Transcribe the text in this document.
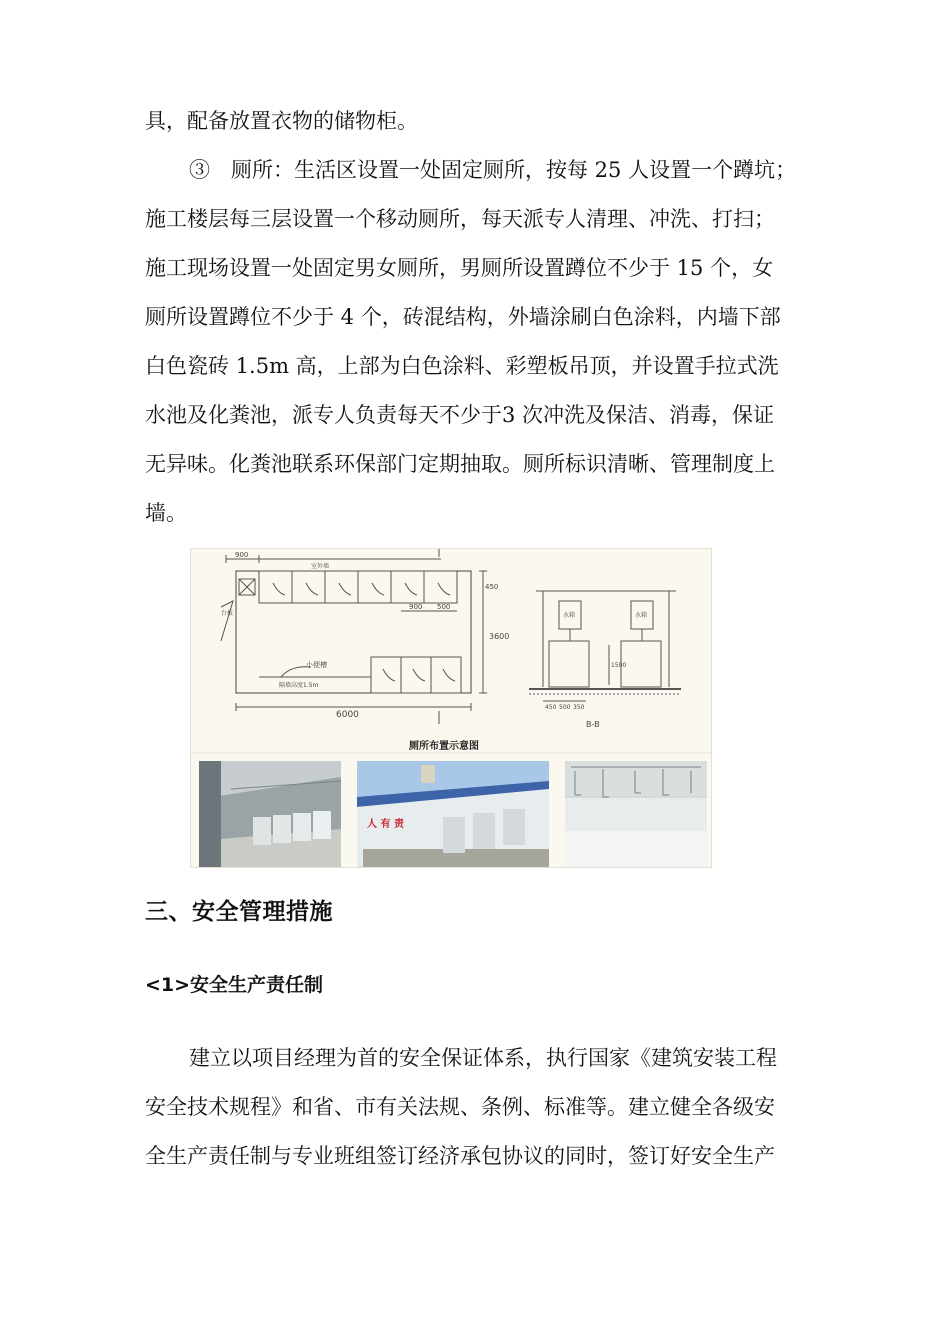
具，配备放置衣物的储物柜。

③　厕所：生活区设置一处固定厕所，按每 25 人设置一个蹲坑；
施工楼层每三层设置一个移动厕所，每天派专人清理、冲洗、打扫；
施工现场设置一处固定男女厕所，男厕所设置蹲位不少于 15 个，女
厕所设置蹲位不少于 4 个，砖混结构，外墙涂刷白色涂料，内墙下部
白色瓷砖 1.5m 高，上部为白色涂料、彩塑板吊顶，并设置手拉式洗
水池及化粪池，派专人负责每天不少于3 次冲洗及保洁、消毒，保证
无异味。化粪池联系环保部门定期抽取。厕所标识清晰、管理制度上
墙。

900
6000
3600
900 500
450
小便槽
水箱	水箱
台板
室外墙
隔墙高度1.5m
B-B
450 500 350
1500
厕所布置示意图
人 有 责
三、安全管理措施
<1>安全生产责任制

建立以项目经理为首的安全保证体系，执行国家《建筑安装工程
安全技术规程》和省、市有关法规、条例、标准等。建立健全各级安
全生产责任制与专业班组签订经济承包协议的同时，签订好安全生产
